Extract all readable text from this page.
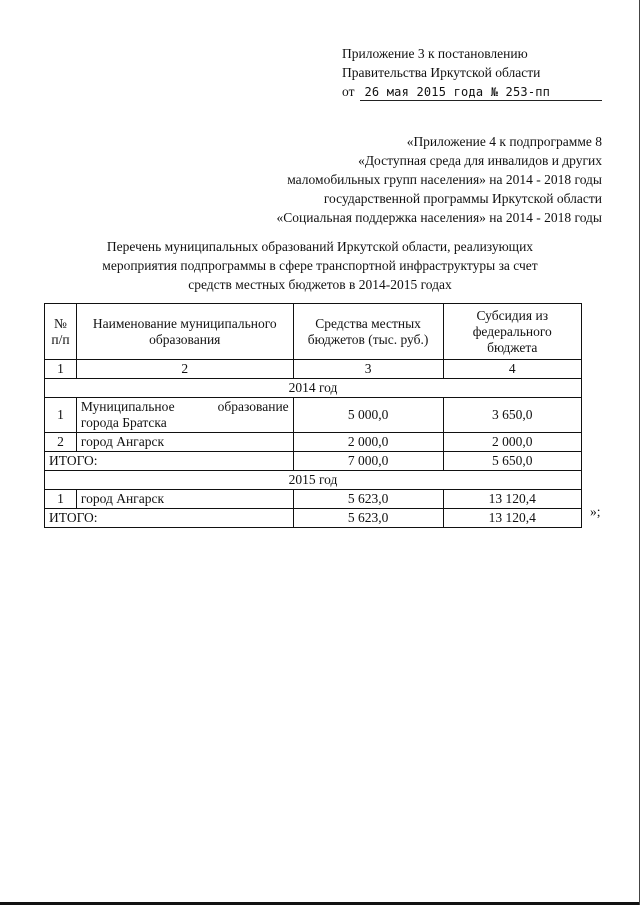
Приложение 3 к постановлению
Правительства Иркутской области
от 26 мая 2015 года № 253-пп
«Приложение 4 к подпрограмме 8
«Доступная среда для инвалидов и других
маломобильных групп населения» на 2014 - 2018 годы
государственной программы Иркутской области
«Социальная поддержка населения» на 2014 - 2018 годы
Перечень муниципальных образований Иркутской области, реализующих
мероприятия подпрограммы в сфере транспортной инфраструктуры за счет
средств местных бюджетов в 2014-2015 годах
№ п/п	Наименование муниципального образования	Средства местных бюджетов (тыс. руб.)	Субсидия из федерального бюджета
1	2	3	4
2014 год			
1	Муниципальное образование города Братска	5 000,0	3 650,0
2	город Ангарск	2 000,0	2 000,0
ИТОГО:		7 000,0	5 650,0
2015 год			
1	город Ангарск	5 623,0	13 120,4
ИТОГО:		5 623,0	13 120,4	»;
